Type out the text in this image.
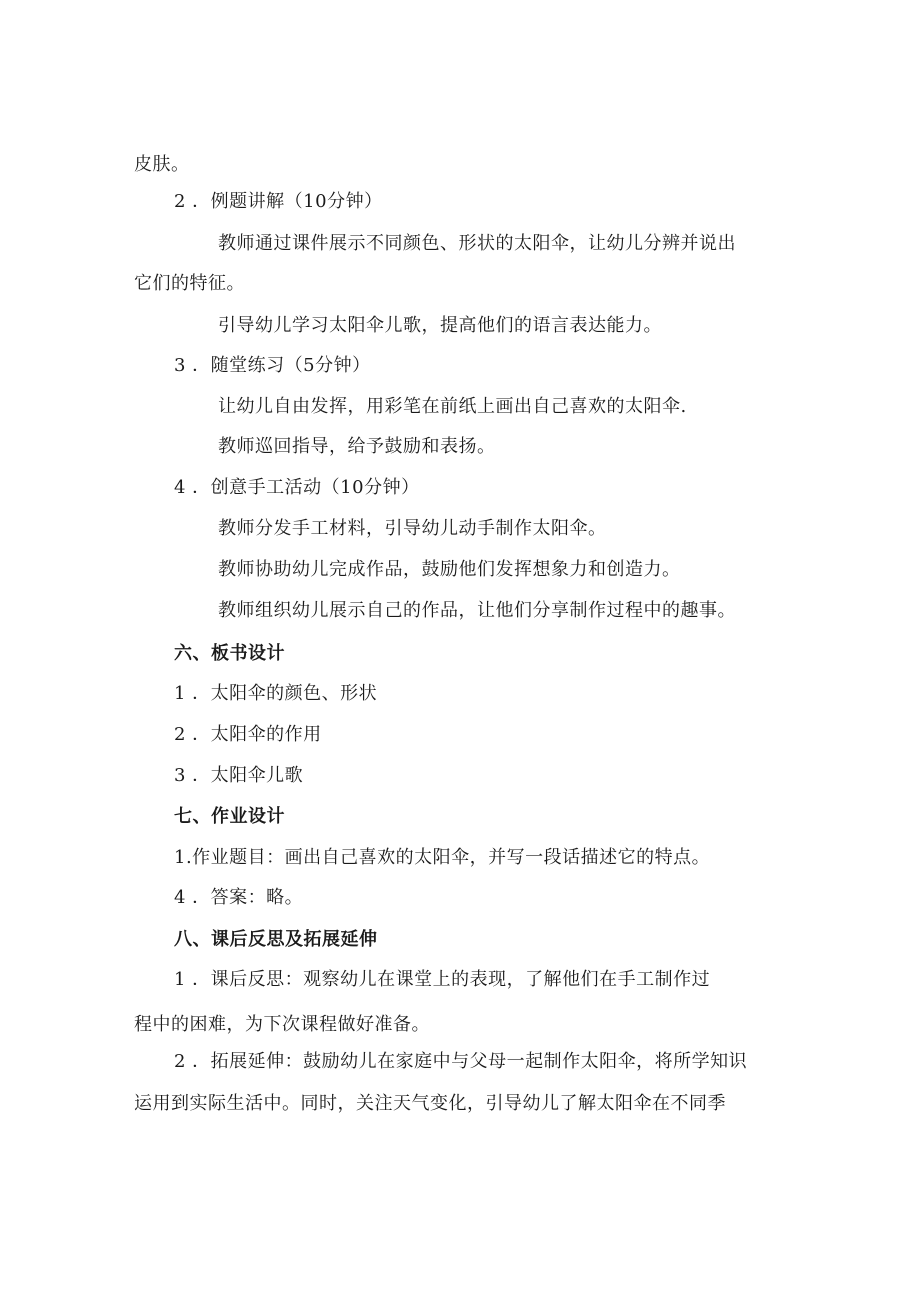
皮肤。

2 ．例题讲解（10分钟）

教师通过课件展示不同颜色、形状的太阳伞，让幼儿分辨并说出

它们的特征。

引导幼儿学习太阳伞儿歌，提高他们的语言表达能力。

3 ．随堂练习（5分钟）

让幼儿自由发挥，用彩笔在前纸上画出自己喜欢的太阳伞.

教师巡回指导，给予鼓励和表扬。

4 ．创意手工活动（10分钟）

教师分发手工材料，引导幼儿动手制作太阳伞。

教师协助幼儿完成作品，鼓励他们发挥想象力和创造力。

教师组织幼儿展示自己的作品，让他们分享制作过程中的趣事。

六、板书设计

1 ．太阳伞的颜色、形状

2 ．太阳伞的作用

3 ．太阳伞儿歌

七、作业设计

1.作业题目：画出自己喜欢的太阳伞，并写一段话描述它的特点。

4 ．答案：略。

八、课后反思及拓展延伸

1 ．课后反思：观察幼儿在课堂上的表现，了解他们在手工制作过

程中的困难，为下次课程做好准备。

2 ．拓展延伸：鼓励幼儿在家庭中与父母一起制作太阳伞，将所学知识

运用到实际生活中。同时，关注天气变化，引导幼儿了解太阳伞在不同季
